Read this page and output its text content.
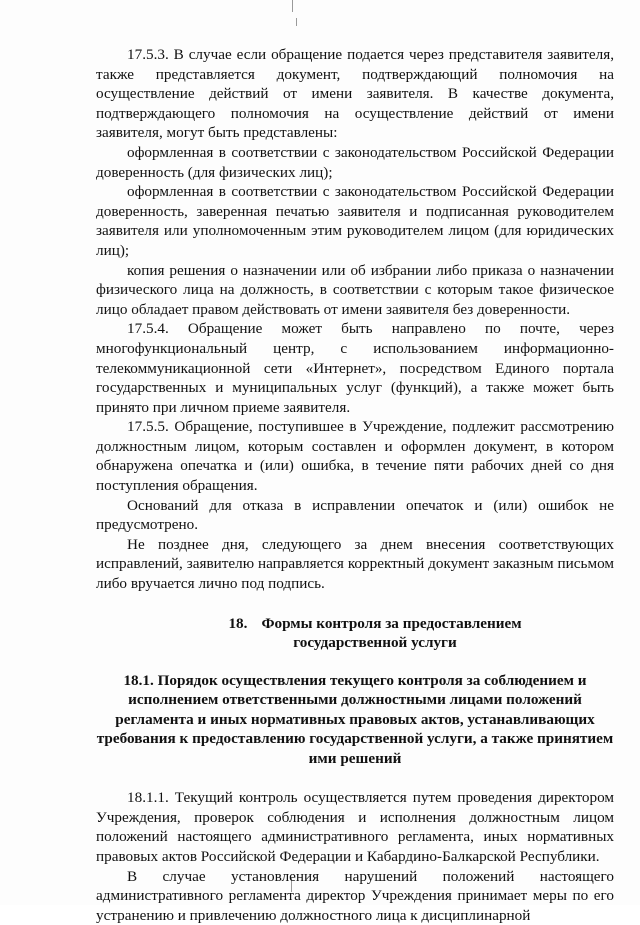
17.5.3. В случае если обращение подается через представителя заявителя, также представляется документ, подтверждающий полномочия на осуществление действий от имени заявителя. В качестве документа, подтверждающего полномочия на осуществление действий от имени заявителя, могут быть представлены:

оформленная в соответствии с законодательством Российской Федерации доверенность (для физических лиц);

оформленная в соответствии с законодательством Российской Федерации доверенность, заверенная печатью заявителя и подписанная руководителем заявителя или уполномоченным этим руководителем лицом (для юридических лиц);

копия решения о назначении или об избрании либо приказа о назначении физического лица на должность, в соответствии с которым такое физическое лицо обладает правом действовать от имени заявителя без доверенности.

17.5.4. Обращение может быть направлено по почте, через многофункциональный центр, с использованием информационно-телекоммуникационной сети «Интернет», посредством Единого портала государственных и муниципальных услуг (функций), а также может быть принято при личном приеме заявителя.

17.5.5. Обращение, поступившее в Учреждение, подлежит рассмотрению должностным лицом, которым составлен и оформлен документ, в котором обнаружена опечатка и (или) ошибка, в течение пяти рабочих дней со дня поступления обращения.

Оснований для отказа в исправлении опечаток и (или) ошибок не предусмотрено.

Не позднее дня, следующего за днем внесения соответствующих исправлений, заявителю направляется корректный документ заказным письмом либо вручается лично под подпись.

18. Формы контроля за предоставлением
государственной услуги
18.1. Порядок осуществления текущего контроля за соблюдением и исполнением ответственными должностными лицами положений регламента и иных нормативных правовых актов, устанавливающих требования к предоставлению государственной услуги, а также принятием ими решений

18.1.1. Текущий контроль осуществляется путем проведения директором Учреждения, проверок соблюдения и исполнения должностным лицом положений настоящего административного регламента, иных нормативных правовых актов Российской Федерации и Кабардино-Балкарской Республики.

В случае установления нарушений положений настоящего административного регламента директор Учреждения принимает меры по его устранению и привлечению должностного лица к дисциплинарной
